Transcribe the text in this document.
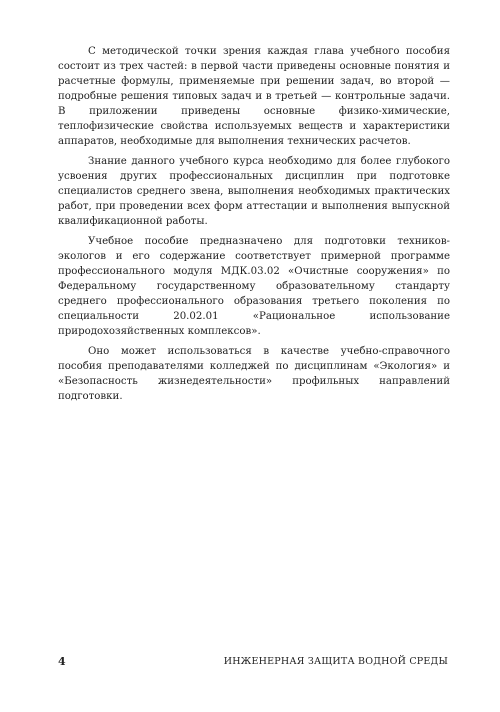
С методической точки зрения каждая глава учебного пособия состоит из трех частей: в первой части приведены основные понятия и расчетные формулы, применяемые при решении задач, во второй — подробные решения типовых задач и в третьей — контрольные задачи. В приложении приведены основные физико-химические, теплофизические свойства используемых веществ и характеристики аппаратов, необходимые для выполнения технических расчетов.

Знание данного учебного курса необходимо для более глубокого усвоения других профессиональных дисциплин при подготовке специалистов среднего звена, выполнения необходимых практических работ, при проведении всех форм аттестации и выполнения выпускной квалификационной работы.

Учебное пособие предназначено для подготовки техников-экологов и его содержание соответствует примерной программе профессионального модуля МДК.03.02 «Очистные сооружения» по Федеральному государственному образовательному стандарту среднего профессионального образования третьего поколения по специальности 20.02.01 «Рациональное использование природохозяйственных комплексов».

Оно может использоваться в качестве учебно-справочного пособия преподавателями колледжей по дисциплинам «Экология» и «Безопасность жизнедеятельности» профильных направлений подготовки.

4	ИНЖЕНЕРНАЯ ЗАЩИТА ВОДНОЙ СРЕДЫ
